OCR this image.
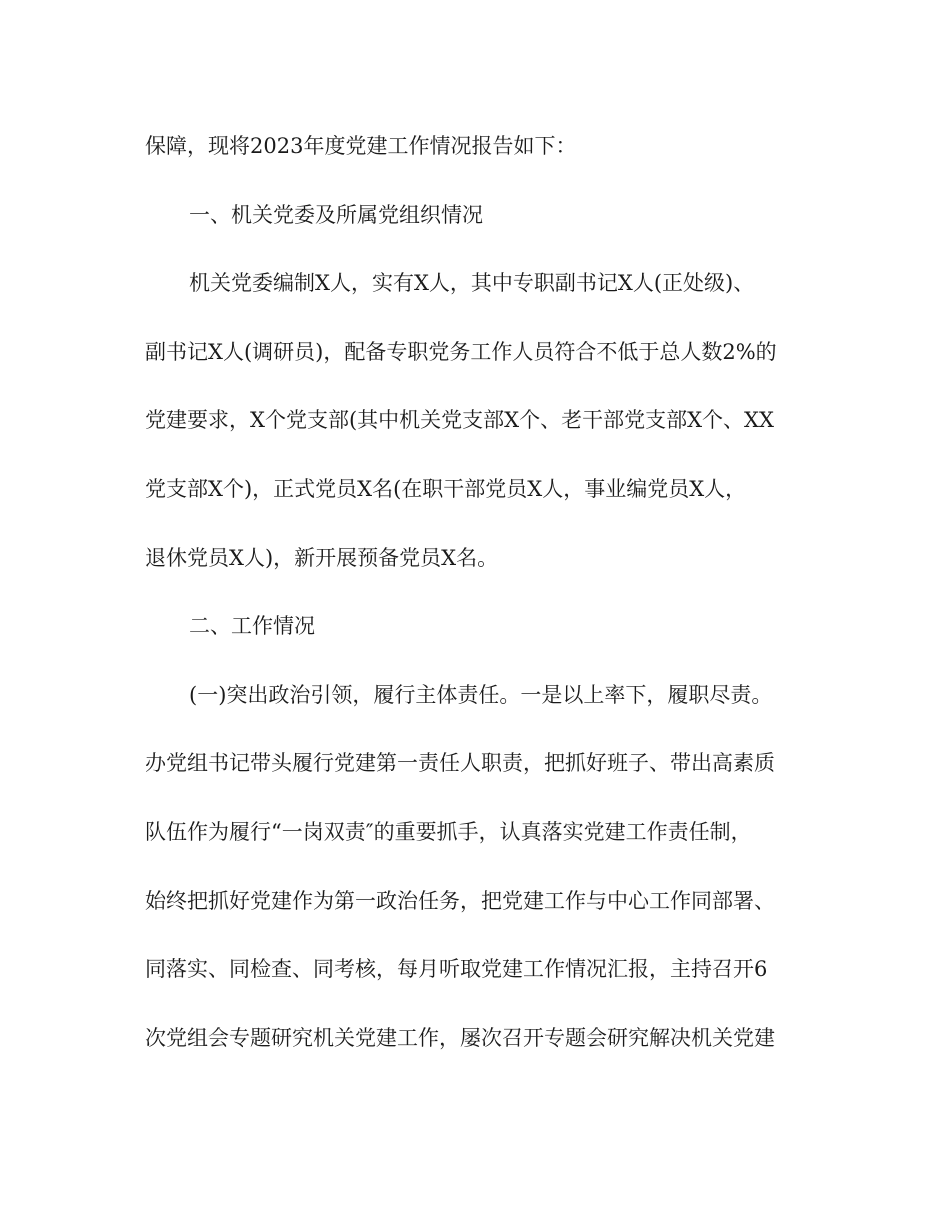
保障，现将2023年度党建工作情况报告如下：
一、机关党委及所属党组织情况
机关党委编制X人，实有X人，其中专职副书记X人(正处级)、
副书记X人(调研员)，配备专职党务工作人员符合不低于总人数2%的
党建要求，X个党支部(其中机关党支部X个、老干部党支部X个、XX
党支部X个)，正式党员X名(在职干部党员X人，事业编党员X人，
退休党员X人)，新开展预备党员X名。
二、工作情况
(一)突出政治引领，履行主体责任。一是以上率下，履职尽责。
办党组书记带头履行党建第一责任人职责，把抓好班子、带出高素质
队伍作为履行“一岗双责″的重要抓手，认真落实党建工作责任制，
始终把抓好党建作为第一政治任务，把党建工作与中心工作同部署、
同落实、同检查、同考核，每月听取党建工作情况汇报，主持召开6
次党组会专题研究机关党建工作，屡次召开专题会研究解决机关党建
